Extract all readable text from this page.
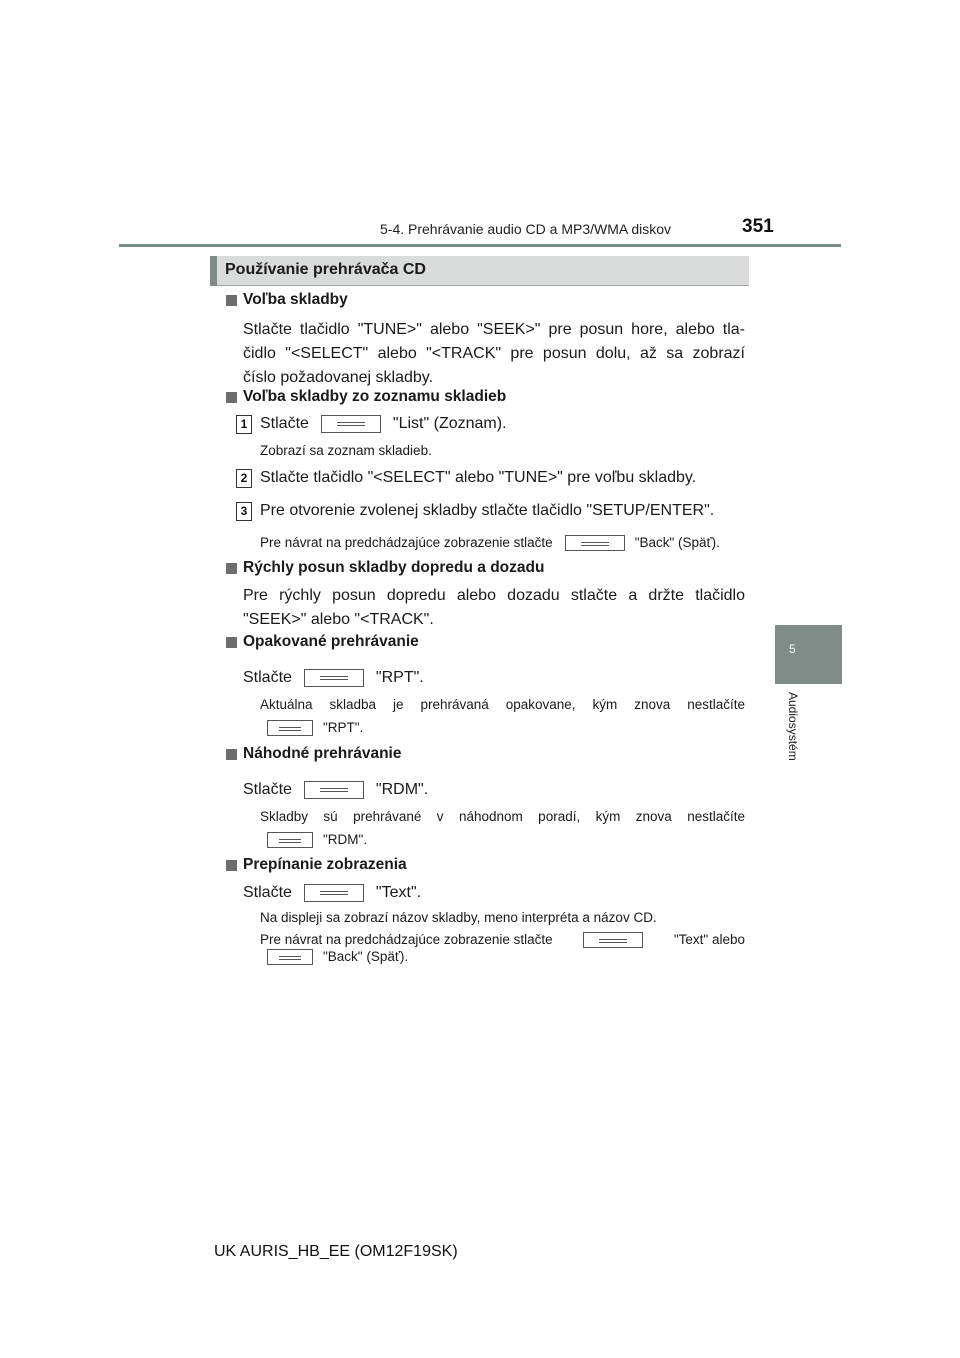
5-4. Prehrávanie audio CD a MP3/WMA diskov	351
5
Audiosystém
Používanie prehrávača CD
Voľba skladby
Stlačte tlačidlo "TUNE>" alebo "SEEK>" pre posun hore, alebo tla-
čidlo "<SELECT" alebo "<TRACK" pre posun dolu, až sa zobrazí
číslo požadovanej skladby.
Voľba skladby zo zoznamu skladieb
1 Stlačte	"List" (Zoznam).
Zobrazí sa zoznam skladieb.
2 Stlačte tlačidlo "<SELECT" alebo "TUNE>" pre voľbu skladby.
3 Pre otvorenie zvolenej skladby stlačte tlačidlo "SETUP/ENTER".
Pre návrat na predchádzajúce zobrazenie stlačte	"Back" (Späť).
Rýchly posun skladby dopredu a dozadu
Pre rýchly posun dopredu alebo dozadu stlačte a držte tlačidlo
"SEEK>" alebo "<TRACK".
Opakované prehrávanie
Stlačte	"RPT".
Aktuálna skladba je prehrávaná opakovane, kým znova nestlačíte
"RPT".
Náhodné prehrávanie
Stlačte	"RDM".
Skladby sú prehrávané v náhodnom poradí, kým znova nestlačíte
"RDM".
Prepínanie zobrazenia
Stlačte	"Text".
Na displeji sa zobrazí názov skladby, meno interpréta a názov CD.
Pre návrat na predchádzajúce zobrazenie stlačte	"Text" alebo
"Back" (Späť).
UK AURIS_HB_EE (OM12F19SK)
